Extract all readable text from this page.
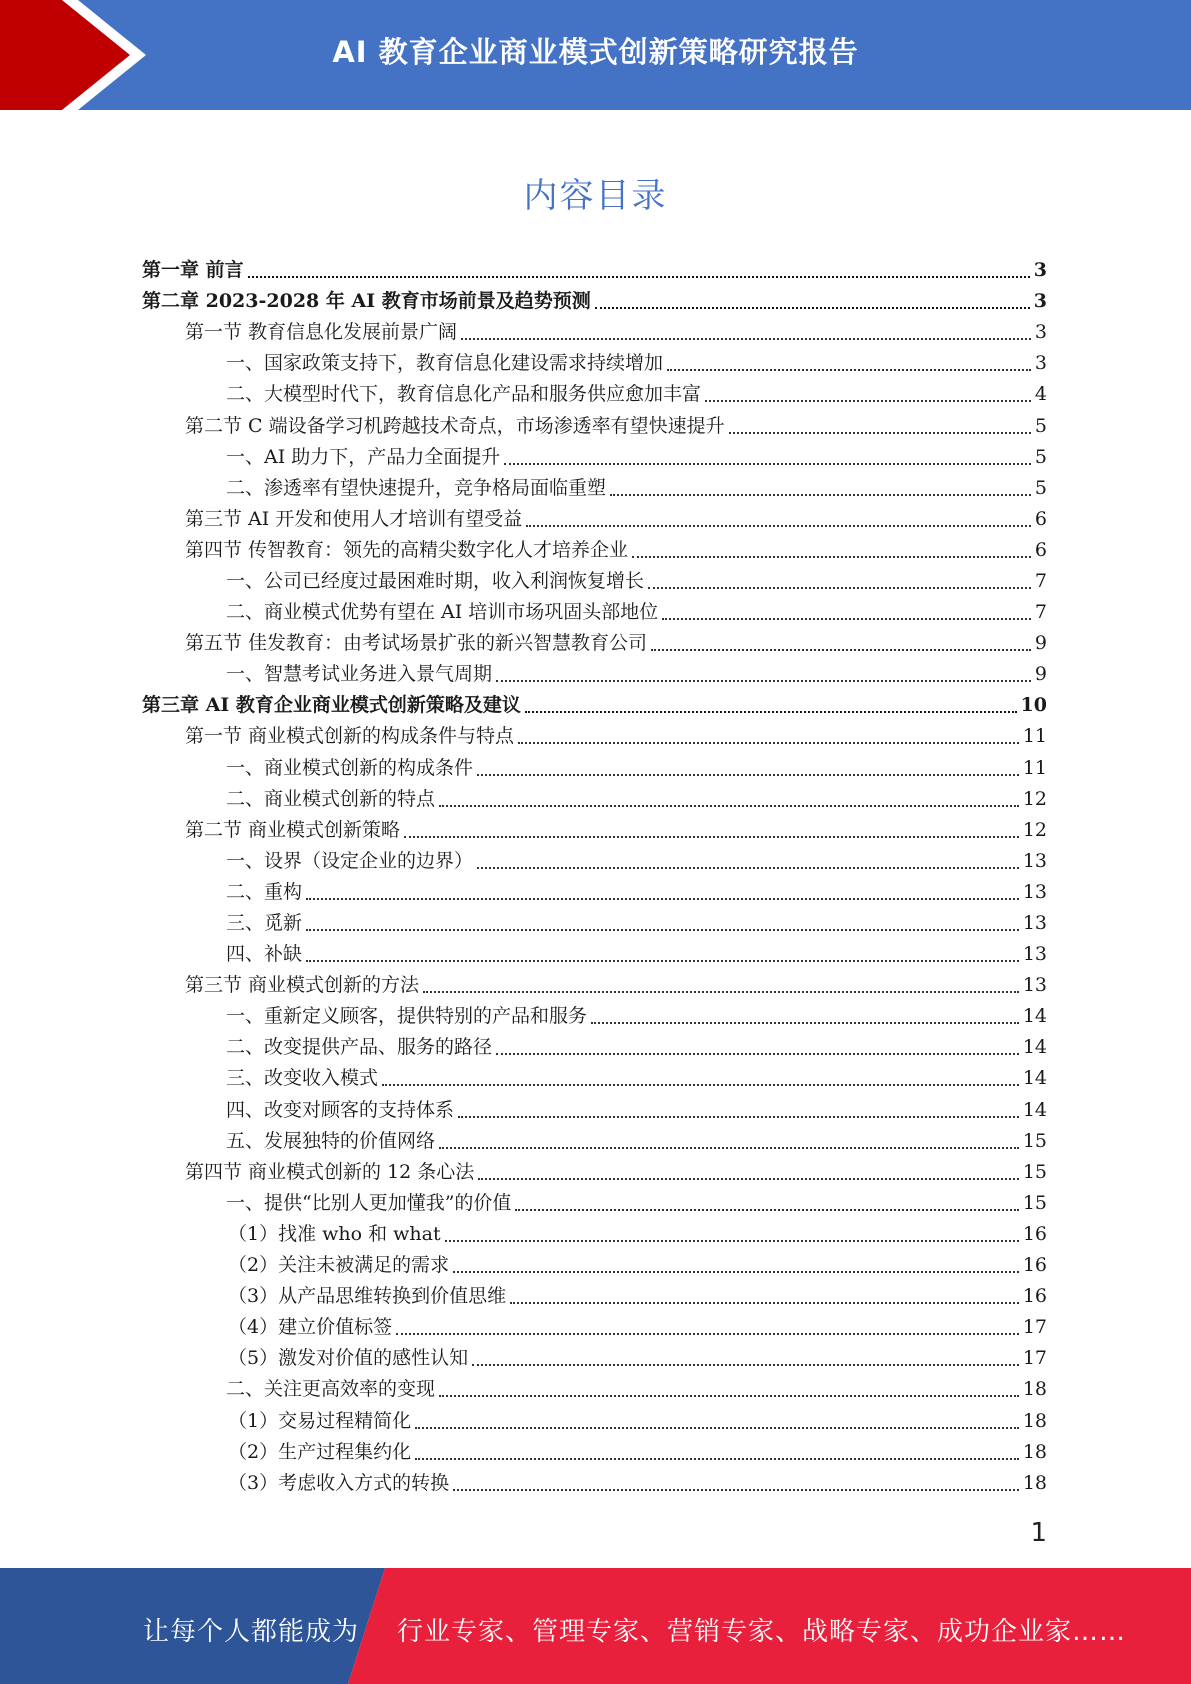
AI 教育企业商业模式创新策略研究报告
内容目录
第一章 前言	3
第二章 2023-2028 年 AI 教育市场前景及趋势预测	3
第一节 教育信息化发展前景广阔	3
一、国家政策支持下，教育信息化建设需求持续增加	3
二、大模型时代下，教育信息化产品和服务供应愈加丰富	4
第二节 C 端设备学习机跨越技术奇点，市场渗透率有望快速提升	5
一、AI 助力下，产品力全面提升	5
二、渗透率有望快速提升，竞争格局面临重塑	5
第三节 AI 开发和使用人才培训有望受益	6
第四节 传智教育：领先的高精尖数字化人才培养企业	6
一、公司已经度过最困难时期，收入利润恢复增长	7
二、商业模式优势有望在 AI 培训市场巩固头部地位	7
第五节 佳发教育：由考试场景扩张的新兴智慧教育公司	9
一、智慧考试业务进入景气周期	9
第三章 AI 教育企业商业模式创新策略及建议	10
第一节 商业模式创新的构成条件与特点	11
一、商业模式创新的构成条件	11
二、商业模式创新的特点	12
第二节 商业模式创新策略	12
一、设界（设定企业的边界）	13
二、重构	13
三、觅新	13
四、补缺	13
第三节 商业模式创新的方法	13
一、重新定义顾客，提供特别的产品和服务	14
二、改变提供产品、服务的路径	14
三、改变收入模式	14
四、改变对顾客的支持体系	14
五、发展独特的价值网络	15
第四节 商业模式创新的 12 条心法	15
一、提供“比别人更加懂我”的价值	15
（1）找准 who 和 what	16
（2）关注未被满足的需求	16
（3）从产品思维转换到价值思维	16
（4）建立价值标签	17
（5）激发对价值的感性认知	17
二、关注更高效率的变现	18
（1）交易过程精简化	18
（2）生产过程集约化	18
（3）考虑收入方式的转换	18
1
让每个人都能成为 行业专家、管理专家、营销专家、战略专家、成功企业家……
